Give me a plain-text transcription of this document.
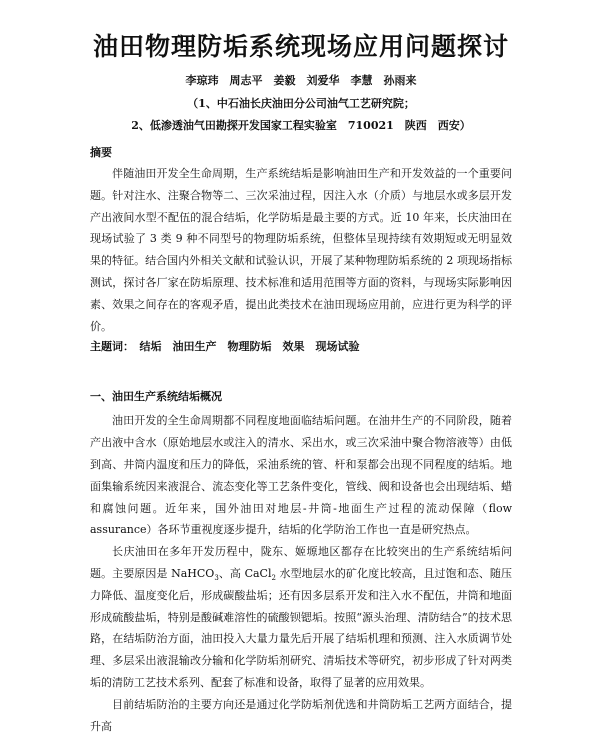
油田物理防垢系统现场应用问题探讨
李琼玮　周志平　姜毅　刘爱华　李慧　孙雨来
（1、中石油长庆油田分公司油气工艺研究院；
2、低渗透油气田勘探开发国家工程实验室　710021　陕西　西安）
摘要

伴随油田开发全生命周期，生产系统结垢是影响油田生产和开发效益的一个重要问题。针对注水、注聚合物等二、三次采油过程，因注入水（介质）与地层水或多层开发产出液间水型不配伍的混合结垢，化学防垢是最主要的方式。近 10 年来，长庆油田在现场试验了 3 类 9 种不同型号的物理防垢系统，但整体呈现持续有效期短或无明显效果的特征。结合国内外相关文献和试验认识，开展了某种物理防垢系统的 2 项现场指标测试，探讨各厂家在防垢原理、技术标准和适用范围等方面的资料，与现场实际影响因素、效果之间存在的客观矛盾，提出此类技术在油田现场应用前，应进行更为科学的评价。

主题词：　结垢　油田生产　物理防垢　效果　现场试验
一、油田生产系统结垢概况

油田开发的全生命周期都不同程度地面临结垢问题。在油井生产的不同阶段，随着产出液中含水（原始地层水或注入的清水、采出水，或三次采油中聚合物溶液等）由低到高、井筒内温度和压力的降低，采油系统的管、杆和泵都会出现不同程度的结垢。地面集输系统因来液混合、流态变化等工艺条件变化，管线、阀和设备也会出现结垢、蜡和腐蚀问题。近年来，国外油田对地层-井筒-地面生产过程的流动保障（flow assurance）各环节重视度逐步提升，结垢的化学防治工作也一直是研究热点。

长庆油田在多年开发历程中，陇东、姬塬地区都存在比较突出的生产系统结垢问题。主要原因是 NaHCO$_3$、高 CaCl$_2$ 水型地层水的矿化度比较高，且过饱和态、随压力降低、温度变化后，形成碳酸盐垢；还有因多层系开发和注入水不配伍，井筒和地面形成硫酸盐垢，特别是酸碱难溶性的硫酸钡锶垢。按照“源头治理、清防结合”的技术思路，在结垢防治方面，油田投入大量力量先后开展了结垢机理和预测、注入水质调节处理、多层采出液混输改分输和化学防垢剂研究、清垢技术等研究，初步形成了针对两类垢的清防工艺技术系列、配套了标准和设备，取得了显著的应用效果。

目前结垢防治的主要方向还是通过化学防垢剂优选和井筒防垢工艺两方面结合，提升高
